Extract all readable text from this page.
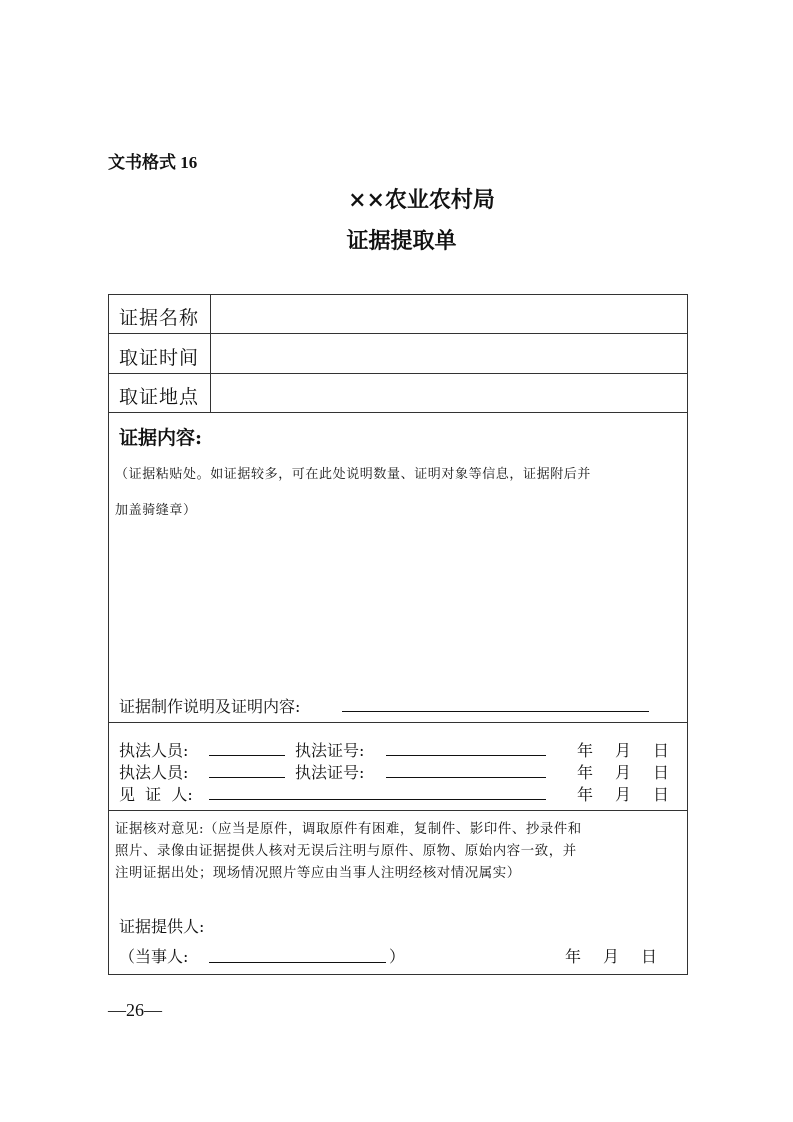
文书格式 16
××农业农村局
证据提取单
证据名称
取证时间
取证地点
证据内容:
（证据粘贴处。如证据较多，可在此处说明数量、证明对象等信息，证据附后并
加盖骑缝章）
证据制作说明及证明内容:
执法人员:	执法证号:	年 月 日
执法人员:	执法证号:	年 月 日
见  证  人:	年 月 日
证据核对意见:（应当是原件，调取原件有困难，复制件、影印件、抄录件和
照片、录像由证据提供人核对无误后注明与原件、原物、原始内容一致，并
注明证据出处；现场情况照片等应由当事人注明经核对情况属实）
证据提供人:
（当事人:	）	年 月 日
—26—
